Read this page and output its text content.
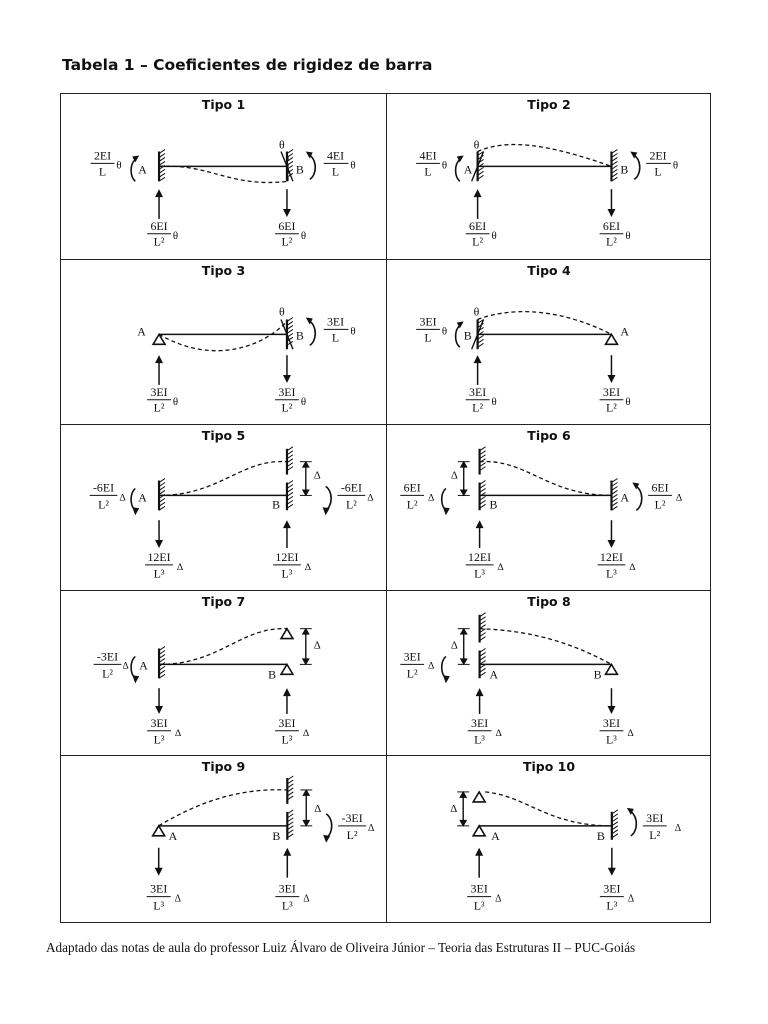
Tabela 1 – Coeficientes de rigidez de barra
Tipo 1
2EI
L θ A
θ
B
4EI
L θ
6EI
L² θ
6EI
L² θ
Tipo 2
4EI
L θ A
θ
B
2EI
L θ
6EI
L² θ
6EI
L² θ
Tipo 3
A
θ
B
3EI
L θ
3EI
L² θ
3EI
L² θ
Tipo 4
3EI
L θ B
θ
A
3EI
L² θ
3EI
L² θ
Tipo 5
-6EI
L² Δ A	B
Δ
-6EI
L² Δ
12EI
L³ Δ
12EI
L³ Δ
Tipo 6
6EI
L² Δ
Δ
B	A
6EI
L² Δ
12EI
L³ Δ
12EI
L³ Δ
Tipo 7
-3EI
L²
Δ A
B
Δ
3EI
L³ Δ
3EI
L³ Δ
Tipo 8
3EI
L²
Δ
Δ
A	B
3EI
L³ Δ
3EI
L³ Δ
Tipo 9
A	B
Δ
-3EI
L² Δ
3EI
L³ Δ
3EI
L³ Δ
Tipo 10
Δ
A	B
3EI
L² Δ
3EI
L³ Δ
3EI
L³ Δ
Adaptado das notas de aula do professor Luiz Álvaro de Oliveira Júnior – Teoria das Estruturas II – PUC-Goiás
